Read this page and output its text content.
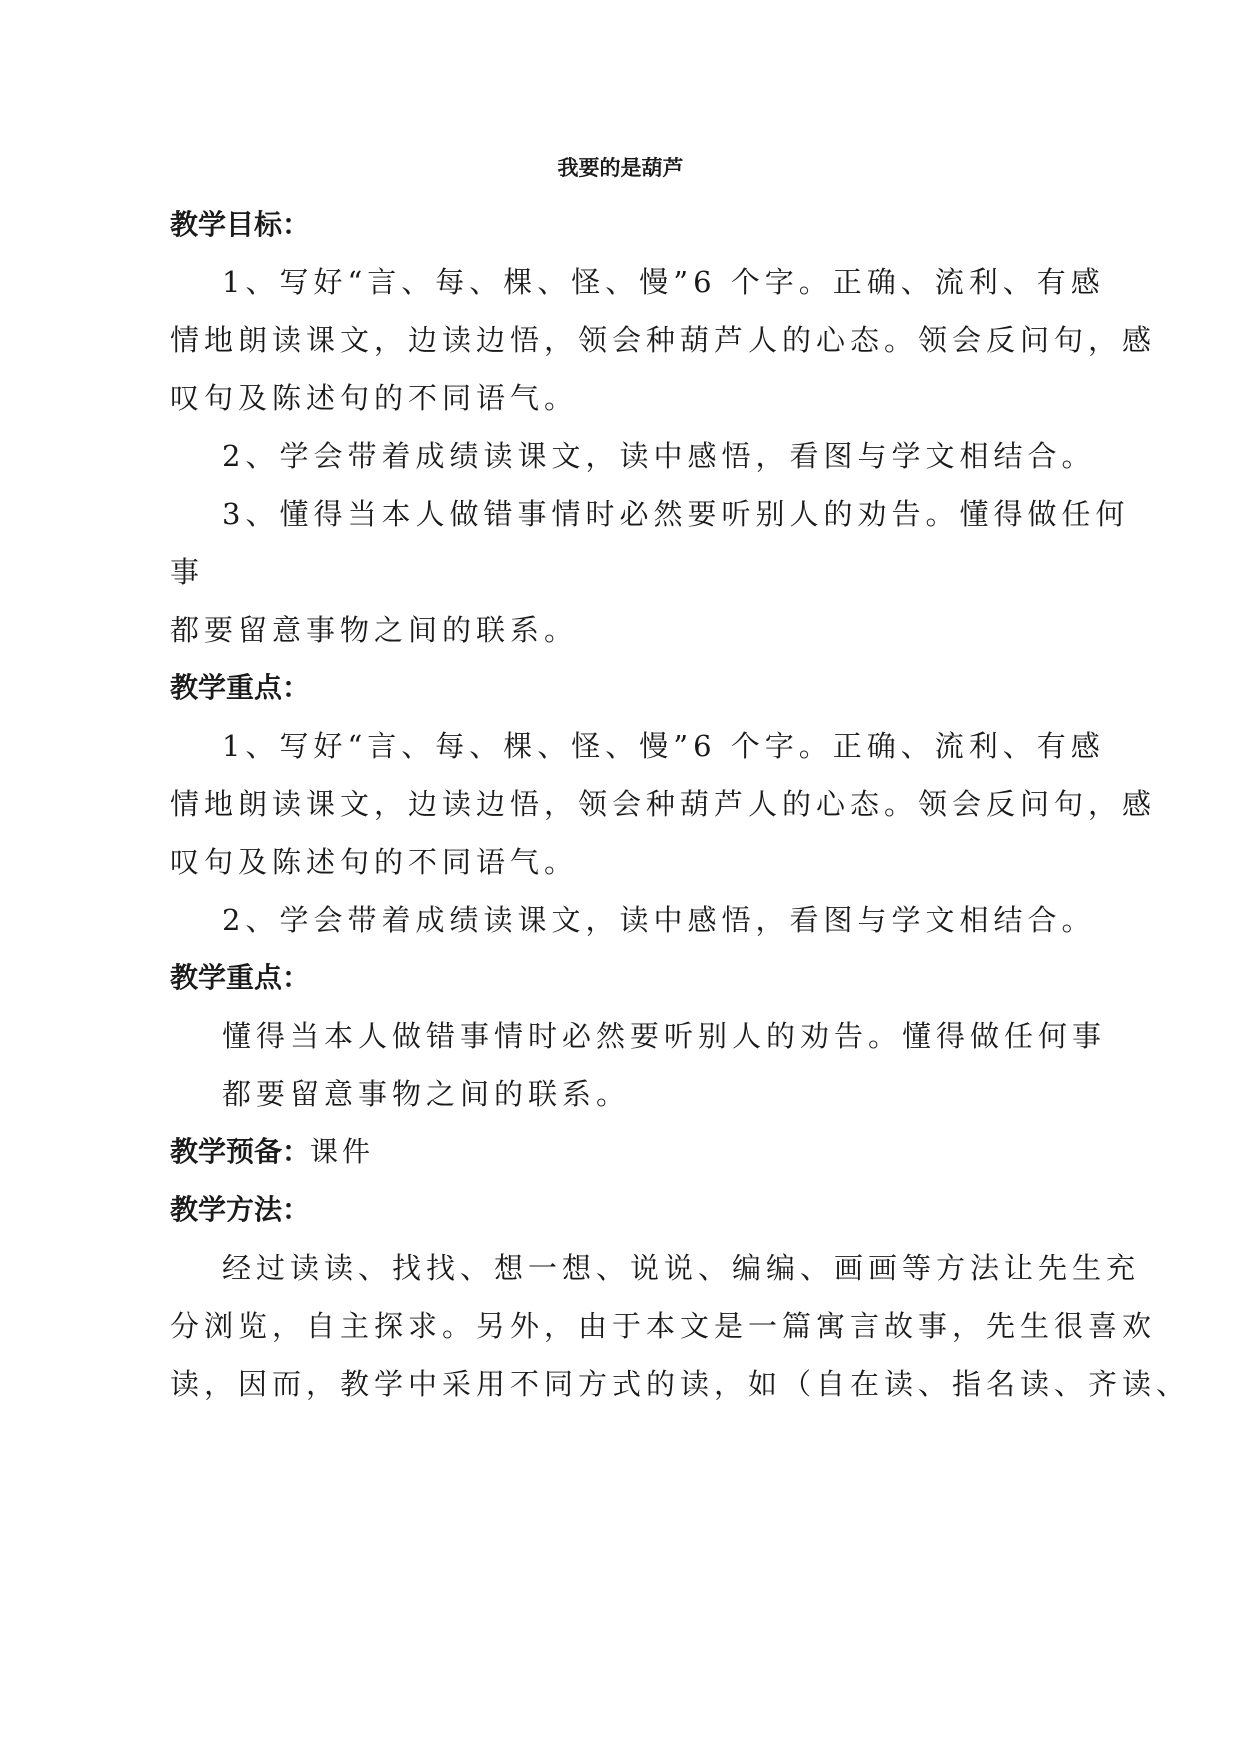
我要的是葫芦
教学目标：
1、写好“言、每、棵、怪、慢”6 个字。正确、流利、有感
情地朗读课文，边读边悟，领会种葫芦人的心态。领会反问句，感
叹句及陈述句的不同语气。
2、学会带着成绩读课文，读中感悟，看图与学文相结合。
3、懂得当本人做错事情时必然要听别人的劝告。懂得做任何
事
都要留意事物之间的联系。
教学重点：
1、写好“言、每、棵、怪、慢”6 个字。正确、流利、有感
情地朗读课文，边读边悟，领会种葫芦人的心态。领会反问句，感
叹句及陈述句的不同语气。
2、学会带着成绩读课文，读中感悟，看图与学文相结合。
教学重点：
懂得当本人做错事情时必然要听别人的劝告。懂得做任何事
都要留意事物之间的联系。
教学预备：课件
教学方法：
经过读读、找找、想一想、说说、编编、画画等方法让先生充
分浏览，自主探求。另外，由于本文是一篇寓言故事，先生很喜欢
读，因而，教学中采用不同方式的读，如（自在读、指名读、齐读、
